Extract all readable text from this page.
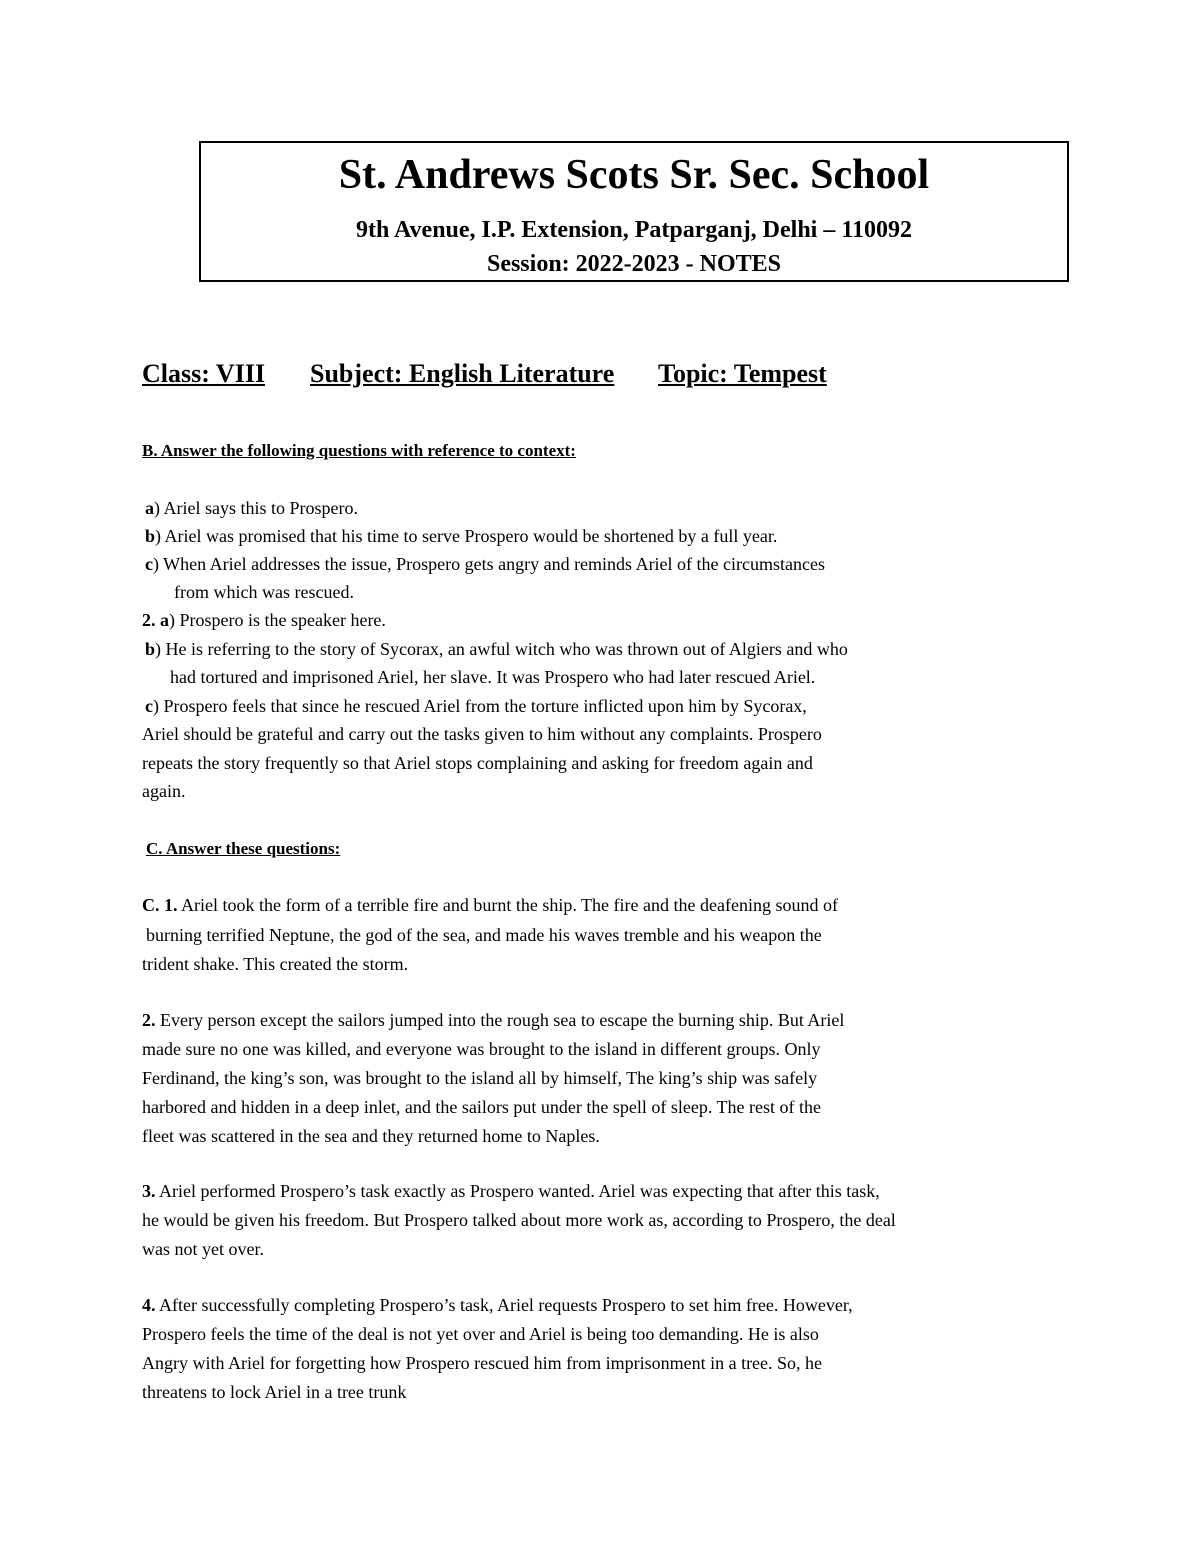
St. Andrews Scots Sr. Sec. School
9th Avenue, I.P. Extension, Patparganj, Delhi – 110092
Session: 2022-2023 - NOTES
Class: VIII Subject: English Literature Topic: Tempest
B. Answer the following questions with reference to context:
a) Ariel says this to Prospero.
b) Ariel was promised that his time to serve Prospero would be shortened by a full year.
c) When Ariel addresses the issue, Prospero gets angry and reminds Ariel of the circumstances
from which was rescued.
2. a) Prospero is the speaker here.
b) He is referring to the story of Sycorax, an awful witch who was thrown out of Algiers and who
had tortured and imprisoned Ariel, her slave. It was Prospero who had later rescued Ariel.
c) Prospero feels that since he rescued Ariel from the torture inflicted upon him by Sycorax,
Ariel should be grateful and carry out the tasks given to him without any complaints. Prospero
repeats the story frequently so that Ariel stops complaining and asking for freedom again and
again.
C. Answer these questions:
C. 1. Ariel took the form of a terrible fire and burnt the ship. The fire and the deafening sound of
burning terrified Neptune, the god of the sea, and made his waves tremble and his weapon the
trident shake. This created the storm.
2. Every person except the sailors jumped into the rough sea to escape the burning ship. But Ariel
made sure no one was killed, and everyone was brought to the island in different groups. Only
Ferdinand, the king’s son, was brought to the island all by himself, The king’s ship was safely
harbored and hidden in a deep inlet, and the sailors put under the spell of sleep. The rest of the
fleet was scattered in the sea and they returned home to Naples.
3. Ariel performed Prospero’s task exactly as Prospero wanted. Ariel was expecting that after this task,
he would be given his freedom. But Prospero talked about more work as, according to Prospero, the deal
was not yet over.
4. After successfully completing Prospero’s task, Ariel requests Prospero to set him free. However,
Prospero feels the time of the deal is not yet over and Ariel is being too demanding. He is also
Angry with Ariel for forgetting how Prospero rescued him from imprisonment in a tree. So, he
threatens to lock Ariel in a tree trunk
